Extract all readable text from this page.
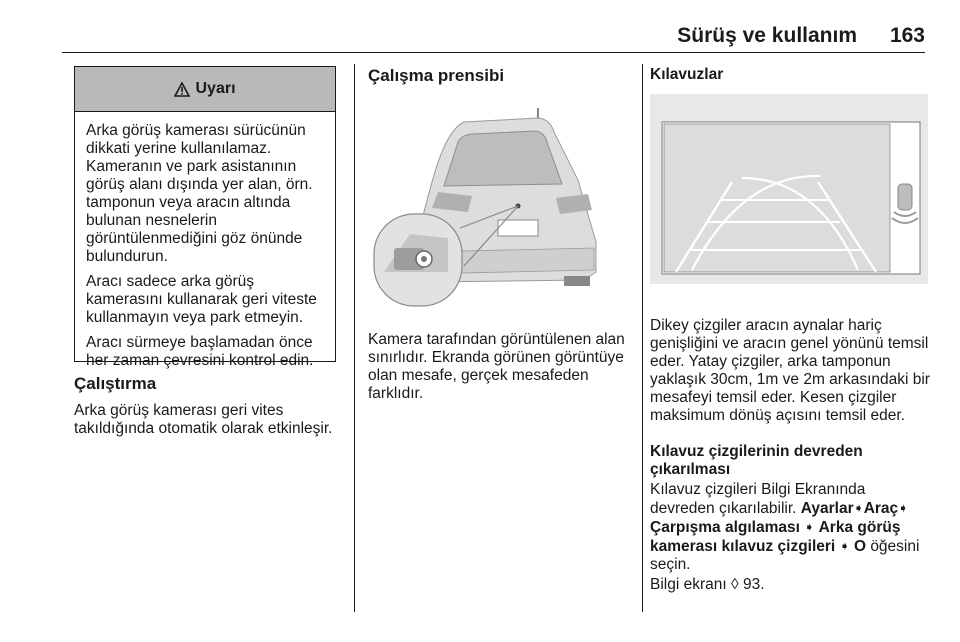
Sürüş ve kullanım 163
Uyarı

Arka görüş kamerası sürücünün dikkati yerine kullanılamaz. Kameranın ve park asistanının görüş alanı dışında yer alan, örn. tamponun veya aracın altında bulunan nesnelerin görüntülenmediğini göz önünde bulundurun.

Aracı sadece arka görüş kamerasını kullanarak geri viteste kullanmayın veya park etmeyin.

Aracı sürmeye başlamadan önce her zaman çevresini kontrol edin.

Çalıştırma

Arka görüş kamerası geri vites takıldığında otomatik olarak etkinleşir.

Çalışma prensibi

Kamera tarafından görüntülenen alan sınırlıdır. Ekranda görünen görüntüye olan mesafe, gerçek mesafeden farklıdır.

Kılavuzlar

Dikey çizgiler aracın aynalar hariç genişliğini ve aracın genel yönünü temsil eder. Yatay çizgiler, arka tamponun yaklaşık 30cm, 1m ve 2m arkasındaki bir mesafeyi temsil eder. Kesen çizgiler maksimum dönüş açısını temsil eder.

Kılavuz çizgilerinin devreden çıkarılması

Kılavuz çizgileri Bilgi Ekranında devreden çıkarılabilir. Ayarlar➧Araç➧ Çarpışma algılaması ➧ Arka görüş kamerası kılavuz çizgileri ➧ O öğesini seçin.

Bilgi ekranı ◊ 93.
